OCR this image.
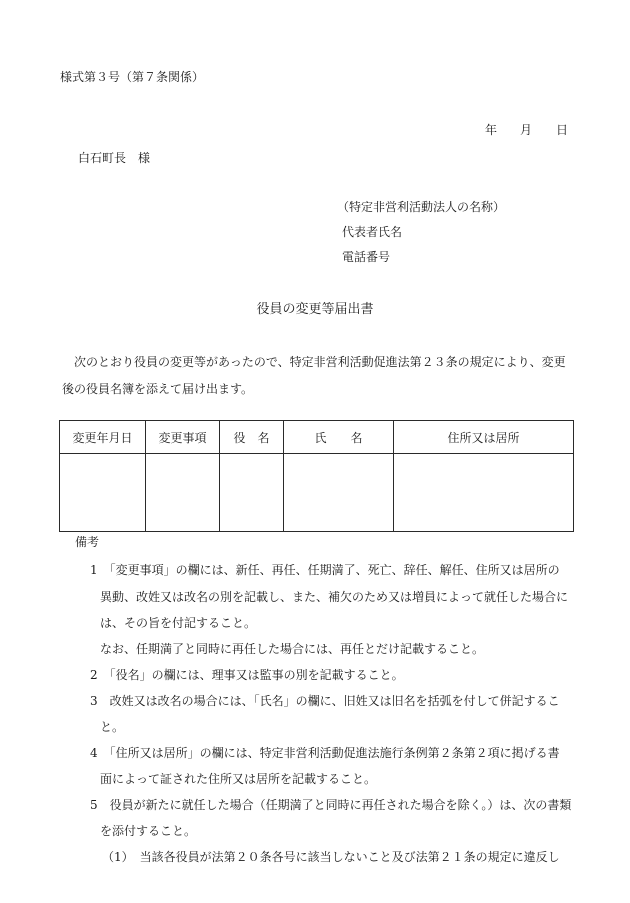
様式第３号（第７条関係）
年 月 日
白石町長　様
（特定非営利活動法人の名称）
代表者氏名
電話番号
役員の変更等届出書
次のとおり役員の変更等があったので、特定非営利活動促進法第２３条の規定により、変更
後の役員名簿を添えて届け出ます。
変更年月日	変更事項	役　名	氏　　名	住所又は居所

備考
1　「変更事項」の欄には、新任、再任、任期満了、死亡、辞任、解任、住所又は居所の
異動、改姓又は改名の別を記載し、また、補欠のため又は増員によって就任した場合に
は、その旨を付記すること。
なお、任期満了と同時に再任した場合には、再任とだけ記載すること。
2　「役名」の欄には、理事又は監事の別を記載すること。
3　改姓又は改名の場合には、「氏名」の欄に、旧姓又は旧名を括弧を付して併記するこ
と。
4　「住所又は居所」の欄には、特定非営利活動促進法施行条例第２条第２項に掲げる書
面によって証された住所又は居所を記載すること。
5　役員が新たに就任した場合（任期満了と同時に再任された場合を除く。）は、次の書類
を添付すること。
（1）　当該各役員が法第２０条各号に該当しないこと及び法第２１条の規定に違反し
